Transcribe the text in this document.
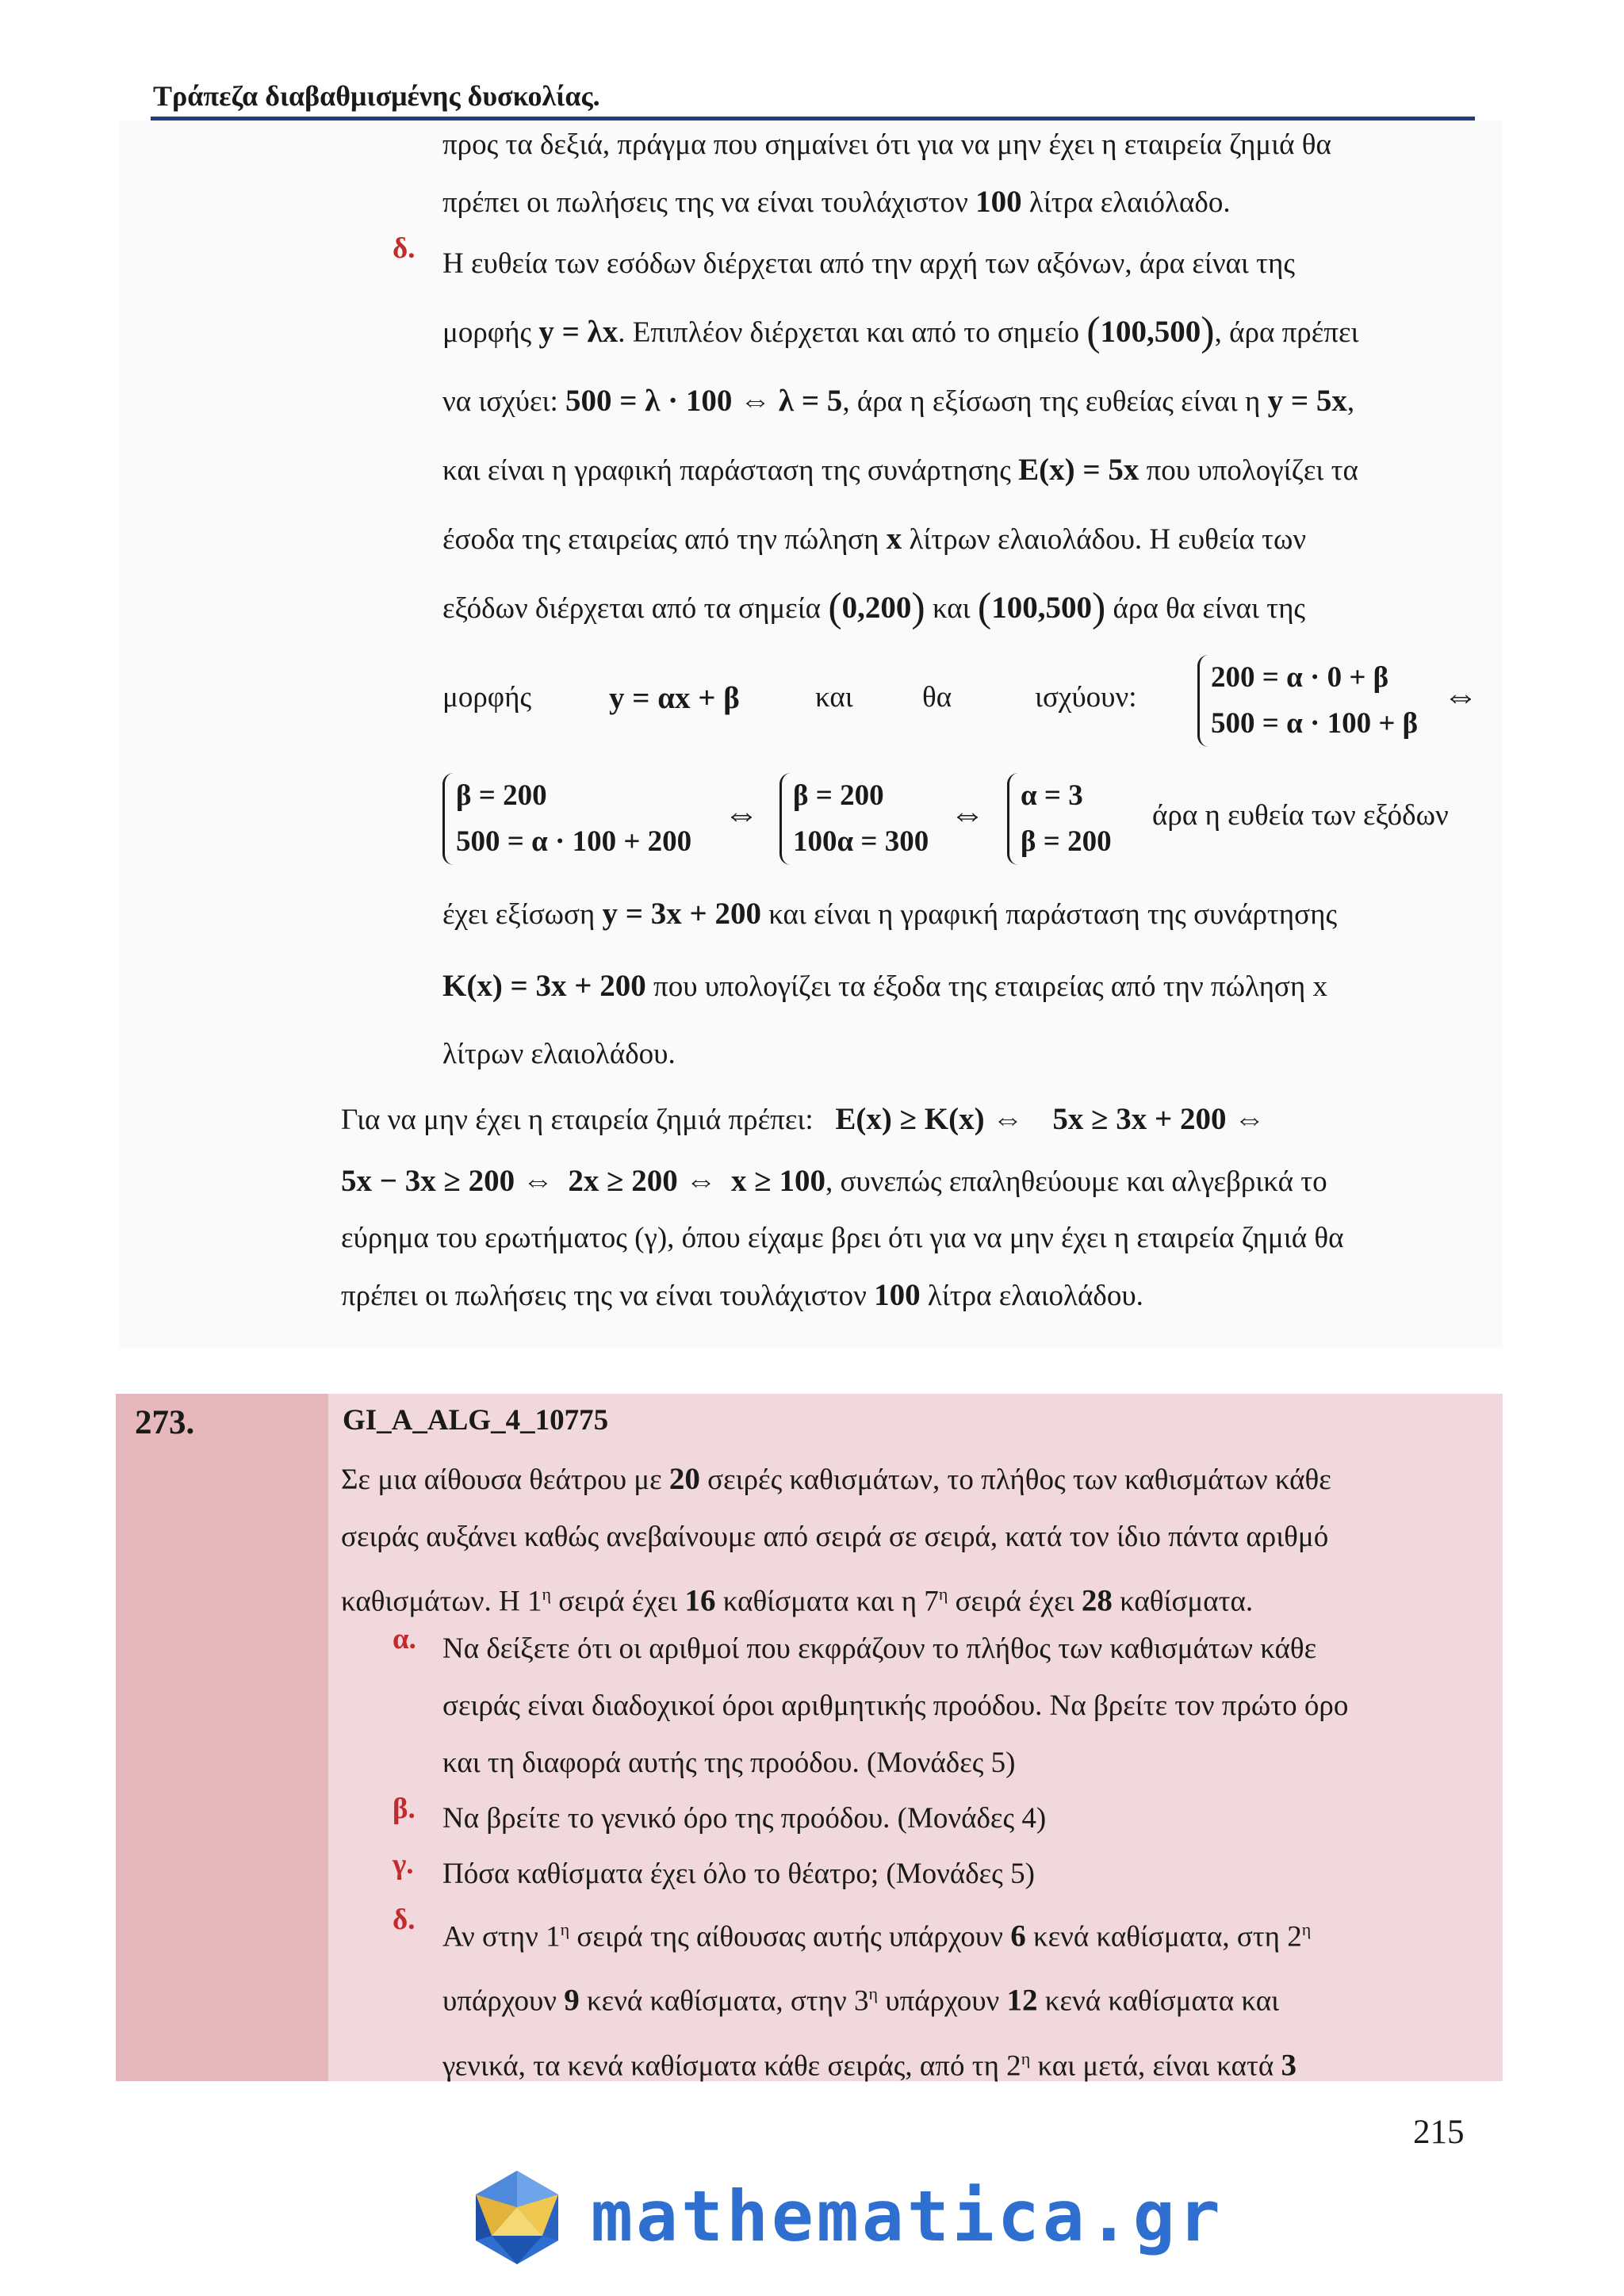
Τράπεζα διαβαθμισμένης δυσκολίας.
προς τα δεξιά, πράγμα που σημαίνει ότι για να μην έχει η εταιρεία ζημιά θα
πρέπει οι πωλήσεις της να είναι τουλάχιστον 100 λίτρα ελαιόλαδο.
δ. Η ευθεία των εσόδων διέρχεται από την αρχή των αξόνων, άρα είναι της
μορφής y = λx. Επιπλέον διέρχεται και από το σημείο (100,500), άρα πρέπει
να ισχύει: 500 = λ · 100 ⇔ λ = 5, άρα η εξίσωση της ευθείας είναι η y = 5x,
και είναι η γραφική παράσταση της συνάρτησης E(x) = 5x που υπολογίζει τα
έσοδα της εταιρείας από την πώληση x λίτρων ελαιολάδου. Η ευθεία των
εξόδων διέρχεται από τα σημεία (0,200) και (100,500) άρα θα είναι της
μορφής	y = αx + β	και θα	ισχύουν:
200 = α · 0 + β
500 = α · 100 + β
⇔
β = 200
500 = α · 100 + 200
⇔ β = 200
100α = 300
⇔ α = 3
β = 200
άρα η ευθεία των εξόδων
έχει εξίσωση y = 3x + 200 και είναι η γραφική παράσταση της συνάρτησης
K(x) = 3x + 200 που υπολογίζει τα έξοδα της εταιρείας από την πώληση x
λίτρων ελαιολάδου.
Για να μην έχει η εταιρεία ζημιά πρέπει: E(x) ≥ K(x) ⇔ 5x ≥ 3x + 200 ⇔
5x − 3x ≥ 200 ⇔ 2x ≥ 200 ⇔ x ≥ 100, συνεπώς επαληθεύουμε και αλγεβρικά το
εύρημα του ερωτήματος (γ), όπου είχαμε βρει ότι για να μην έχει η εταιρεία ζημιά θα
πρέπει οι πωλήσεις της να είναι τουλάχιστον 100 λίτρα ελαιολάδου.
273.	GI_A_ALG_4_10775
Σε μια αίθουσα θεάτρου με 20 σειρές καθισμάτων, το πλήθος των καθισμάτων κάθε
σειράς αυξάνει καθώς ανεβαίνουμε από σειρά σε σειρά, κατά τον ίδιο πάντα αριθμό
καθισμάτων. Η $1^\eta$ σειρά έχει 16 καθίσματα και η $7^\eta$ σειρά έχει 28 καθίσματα.
α. Να δείξετε ότι οι αριθμοί που εκφράζουν το πλήθος των καθισμάτων κάθε
σειράς είναι διαδοχικοί όροι αριθμητικής προόδου. Να βρείτε τον πρώτο όρο
και τη διαφορά αυτής της προόδου. (Μονάδες 5)
β. Να βρείτε το γενικό όρο της προόδου. (Μονάδες 4)
γ. Πόσα καθίσματα έχει όλο το θέατρο; (Μονάδες 5)
δ.
Αν στην $1^\eta$ σειρά της αίθουσας αυτής υπάρχουν 6 κενά καθίσματα, στη $2^\eta$
υπάρχουν 9 κενά καθίσματα, στην $3^\eta$ υπάρχουν 12 κενά καθίσματα και
γενικά, τα κενά καθίσματα κάθε σειράς, από τη $2^\eta$ και μετά, είναι κατά 3
215
mathematica.gr
